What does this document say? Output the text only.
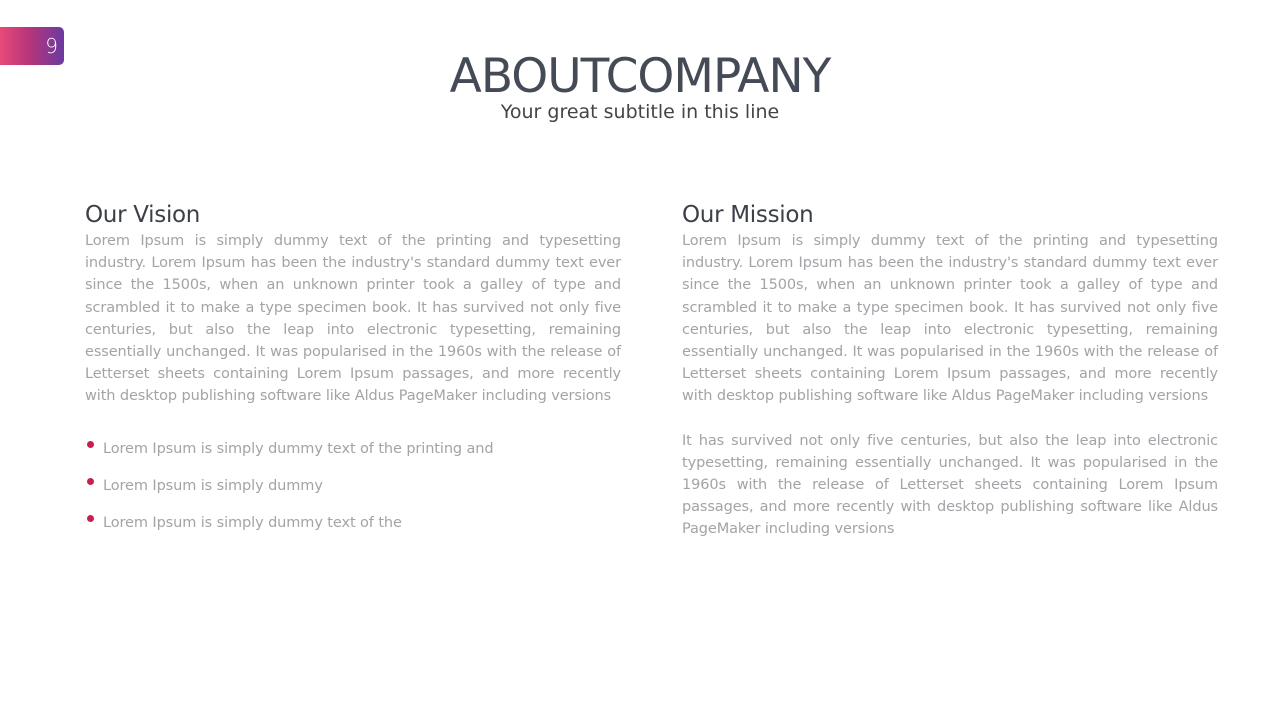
9
ABOUTCOMPANY

Your great subtitle in this line

Our Vision

Lorem Ipsum is simply dummy text of the printing and typesetting industry. Lorem Ipsum has been the industry's standard dummy text ever since the 1500s, when an unknown printer took a galley of type and scrambled it to make a type specimen book. It has survived not only five centuries, but also the leap into electronic typesetting, remaining essentially unchanged. It was popularised in the 1960s with the release of Letterset sheets containing Lorem Ipsum passages, and more recently with desktop publishing software like Aldus PageMaker including versions

Lorem Ipsum is simply dummy text of the printing and
Lorem Ipsum is simply dummy
Lorem Ipsum is simply dummy text of the
Our Mission

Lorem Ipsum is simply dummy text of the printing and typesetting industry. Lorem Ipsum has been the industry's standard dummy text ever since the 1500s, when an unknown printer took a galley of type and scrambled it to make a type specimen book. It has survived not only five centuries, but also the leap into electronic typesetting, remaining essentially unchanged. It was popularised in the 1960s with the release of Letterset sheets containing Lorem Ipsum passages, and more recently with desktop publishing software like Aldus PageMaker including versions

It has survived not only five centuries, but also the leap into electronic typesetting, remaining essentially unchanged. It was popularised in the 1960s with the release of Letterset sheets containing Lorem Ipsum passages, and more recently with desktop publishing software like Aldus PageMaker including versions
